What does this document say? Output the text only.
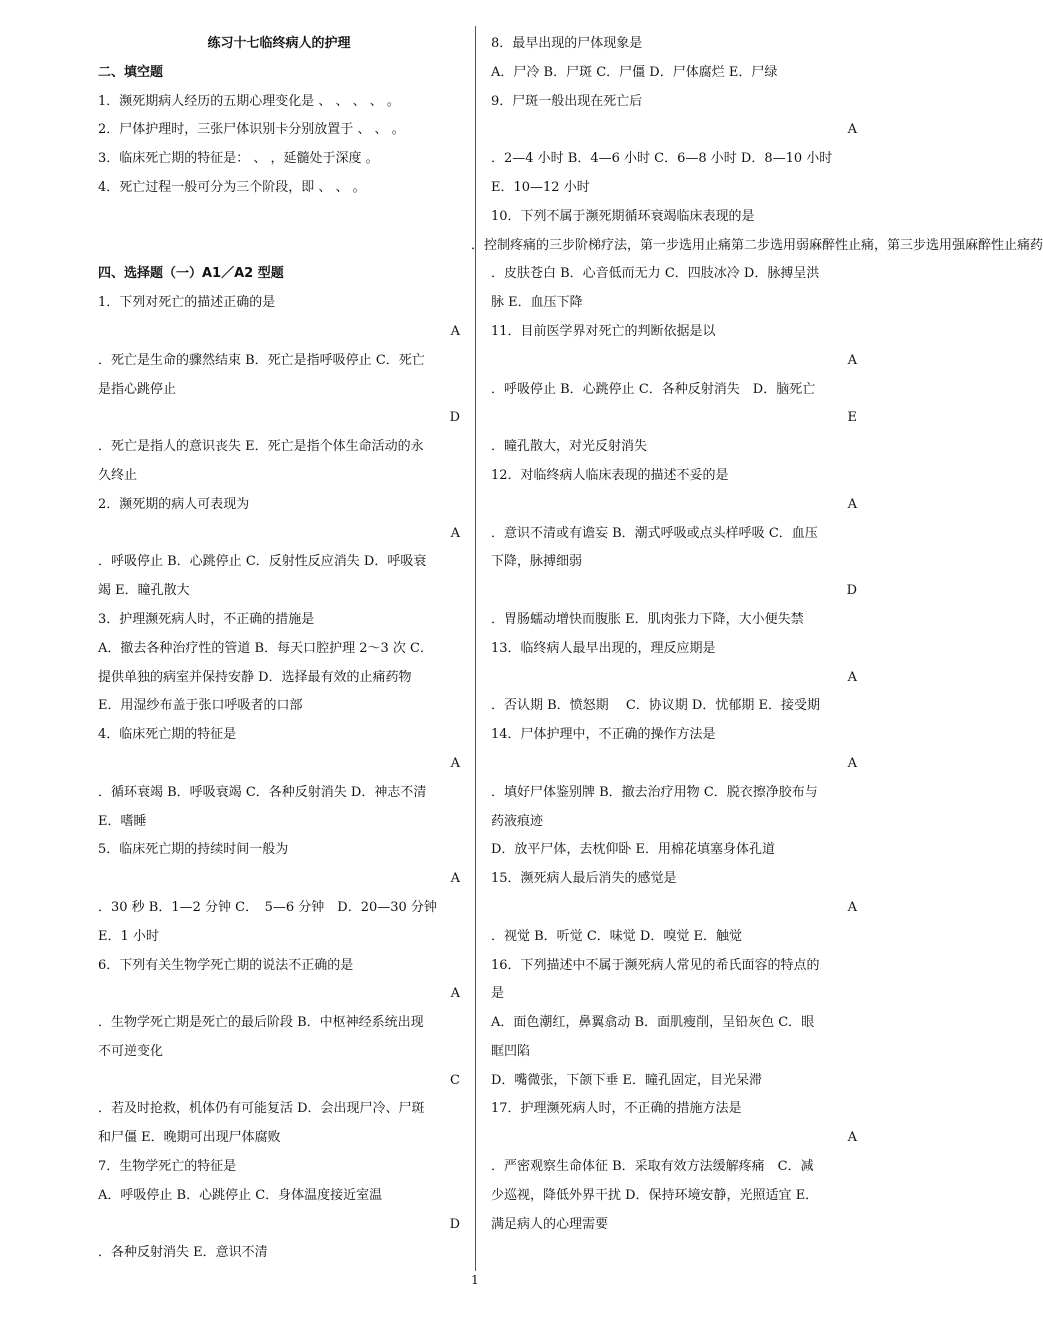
练习十七临终病人的护理
二、填空题
1．濒死期病人经历的五期心理变化是 、 、 、 、 。
2．尸体护理时，三张尸体识别卡分别放置于 、 、 。
3．临床死亡期的特征是： 、 ，延髓处于深度 。
4．死亡过程一般可分为三个阶段，即 、 、 。
四、选择题（一）A1／A2 型题
1．下列对死亡的描述正确的是
A
．死亡是生命的骤然结束 B．死亡是指呼吸停止 C．死亡
是指心跳停止
D
．死亡是指人的意识丧失 E．死亡是指个体生命活动的永
久终止
2．濒死期的病人可表现为
A
．呼吸停止 B．心跳停止 C．反射性反应消失 D．呼吸衰
竭 E．瞳孔散大
3．护理濒死病人时，不正确的措施是
A．撤去各种治疗性的管道 B．每天口腔护理 2～3 次 C．
提供单独的病室并保持安静 D．选择最有效的止痛药物
E．用湿纱布盖于张口呼吸者的口部
4．临床死亡期的特征是
A
．循环衰竭 B．呼吸衰竭 C．各种反射消失 D．神志不清
E．嗜睡
5．临床死亡期的持续时间一般为
A
．30 秒 B．1—2 分钟 C．　5—6 分钟　D．20—30 分钟
E．1 小时
6．下列有关生物学死亡期的说法不正确的是
A
．生物学死亡期是死亡的最后阶段 B．中枢神经系统出现
不可逆变化
C
．若及时抢救，机体仍有可能复活 D．会出现尸冷、尸斑
和尸僵 E．晚期可出现尸体腐败
7．生物学死亡的特征是
A．呼吸停止 B．心跳停止 C．身体温度接近室温
D
．各种反射消失 E．意识不清
8．最早出现的尸体现象是
A．尸冷 B．尸斑 C．尸僵 D．尸体腐烂 E．尸绿
9．尸斑一般出现在死亡后
A
．2—4 小时 B．4—6 小时 C．6—8 小时 D．8—10 小时
E．10—12 小时
10．下列不属于濒死期循环衰竭临床表现的是
．控制疼痛的三步阶梯疗法，第一步选用止痛第二步选用弱麻醉性止痛，第三步选用强麻醉性止痛药
．皮肤苍白 B．心音低而无力 C．四肢冰冷 D．脉搏呈洪
脉 E．血压下降
11．目前医学界对死亡的判断依据是以
A
．呼吸停止 B．心跳停止 C．各种反射消失　D．脑死亡
E
．瞳孔散大，对光反射消失
12．对临终病人临床表现的描述不妥的是
A
．意识不清或有谵妄 B．潮式呼吸或点头样呼吸 C．血压
下降，脉搏细弱
D
．胃肠蠕动增快而腹胀 E．肌肉张力下降，大小便失禁
13．临终病人最早出现的，理反应期是
A
．否认期 B．愤怒期　 C．协议期 D．忧郁期 E．接受期
14．尸体护理中，不正确的操作方法是
A
．填好尸体鉴别牌 B．撤去治疗用物 C．脱衣擦净胶布与
药液痕迹
D．放平尸体，去枕仰卧 E．用棉花填塞身体孔道
15．濒死病人最后消失的感觉是
A
．视觉 B．听觉 C．味觉 D．嗅觉 E．触觉
16．下列描述中不属于濒死病人常见的希氏面容的特点的
是
A．面色潮红，鼻翼翕动 B．面肌瘦削，呈铅灰色 C．眼
眶凹陷
D．嘴微张，下颌下垂 E．瞳孔固定，目光呆滞
17．护理濒死病人时，不正确的措施方法是
A
．严密观察生命体征 B．采取有效方法缓解疼痛　C．减
少巡视，降低外界干扰 D．保持环境安静，光照适宜 E．
满足病人的心理需要
1
